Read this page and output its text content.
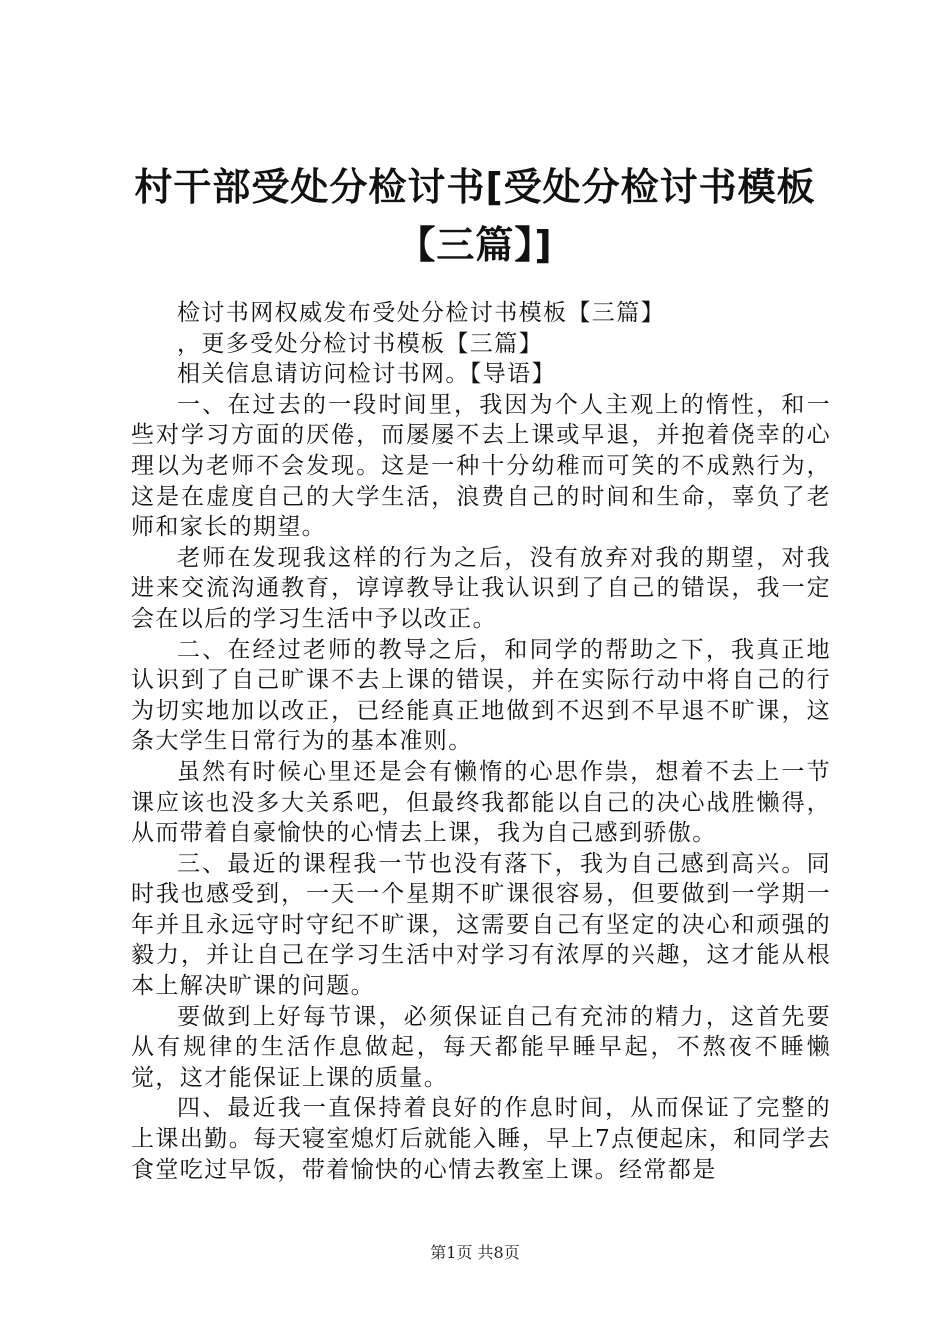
村干部受处分检讨书[受处分检讨书模板【三篇】]

检讨书网权威发布受处分检讨书模板【三篇】

，更多受处分检讨书模板【三篇】

相关信息请访问检讨书网。【导语】

一、在过去的一段时间里，我因为个人主观上的惰性，和一些对学习方面的厌倦，而屡屡不去上课或早退，并抱着侥幸的心理以为老师不会发现。这是一种十分幼稚而可笑的不成熟行为，这是在虚度自己的大学生活，浪费自己的时间和生命，辜负了老师和家长的期望。

老师在发现我这样的行为之后，没有放弃对我的期望，对我进来交流沟通教育，谆谆教导让我认识到了自己的错误，我一定会在以后的学习生活中予以改正。

二、在经过老师的教导之后，和同学的帮助之下，我真正地认识到了自己旷课不去上课的错误，并在实际行动中将自己的行为切实地加以改正，已经能真正地做到不迟到不早退不旷课，这条大学生日常行为的基本准则。

虽然有时候心里还是会有懒惰的心思作祟，想着不去上一节课应该也没多大关系吧，但最终我都能以自己的决心战胜懒得，从而带着自豪愉快的心情去上课，我为自己感到骄傲。

三、最近的课程我一节也没有落下，我为自己感到高兴。同时我也感受到，一天一个星期不旷课很容易，但要做到一学期一年并且永远守时守纪不旷课，这需要自己有坚定的决心和顽强的毅力，并让自己在学习生活中对学习有浓厚的兴趣，这才能从根本上解决旷课的问题。

要做到上好每节课，必须保证自己有充沛的精力，这首先要从有规律的生活作息做起，每天都能早睡早起，不熬夜不睡懒觉，这才能保证上课的质量。

四、最近我一直保持着良好的作息时间，从而保证了完整的上课出勤。每天寝室熄灯后就能入睡，早上7点便起床，和同学去食堂吃过早饭，带着愉快的心情去教室上课。经常都是

第1页 共8页
